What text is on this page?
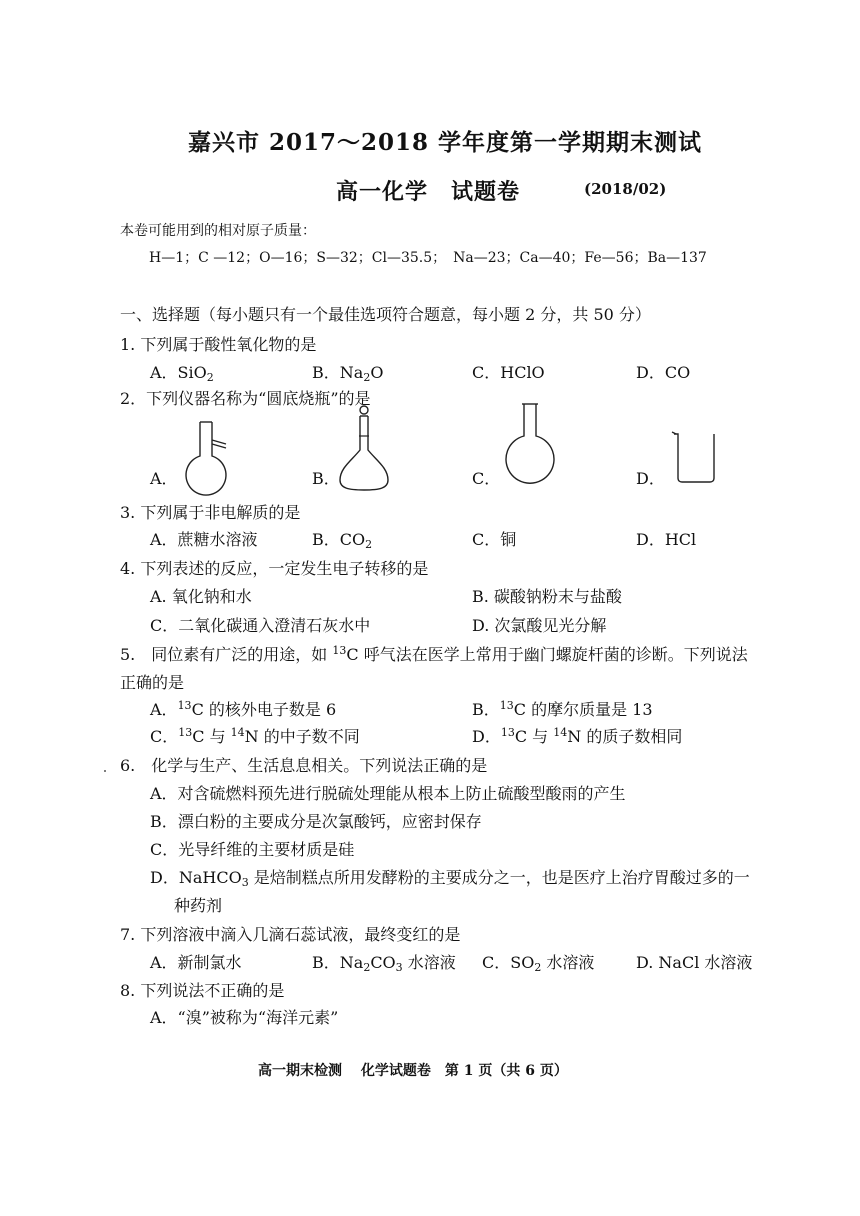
嘉兴市 2017～2018 学年度第一学期期末测试
高一化学　试题卷	(2018/02)
本卷可能用到的相对原子质量：
H—1；C —12；O—16；S—32；Cl—35.5；　Na—23；Ca—40；Fe—56；Ba—137
一、选择题（每小题只有一个最佳选项符合题意，每小题 2 分，共 50 分）
1. 下列属于酸性氧化物的是
A．SiO$_2$	B．$Na_2O$	C．HClO	D．CO
2．下列仪器名称为“圆底烧瓶”的是
A．	B．	C．	D．
3. 下列属于非电解质的是
A．蔗糖水溶液	B．$CO_2$	C．铜	D．HCl
4. 下列表述的反应，一定发生电子转移的是
A. 氧化钠和水	B. 碳酸钠粉末与盐酸
C．二氧化碳通入澄清石灰水中	D. 次氯酸见光分解
5.　同位素有广泛的用途，如 $^{13}$C 呼气法在医学上常用于幽门螺旋杆菌的诊断。下列说法
正确的是
A．$^{13}$C 的核外电子数是 6	B．$^{13}$C 的摩尔质量是 13
C．$^{13}$C 与 $^{14}$N 的中子数不同	D．$^{13}$C 与 $^{14}$N 的质子数相同
6.　化学与生产、生活息息相关。下列说法正确的是
A．对含硫燃料预先进行脱硫处理能从根本上防止硫酸型酸雨的产生
B．漂白粉的主要成分是次氯酸钙，应密封保存
C．光导纤维的主要材质是硅
D．NaHCO$_3$ 是焙制糕点所用发酵粉的主要成分之一，也是医疗上治疗胃酸过多的一
种药剂
7. 下列溶液中滴入几滴石蕊试液，最终变红的是
A．新制氯水	B．$Na_2CO_3$ 水溶液 C．$SO_2$ 水溶液	D. NaCl 水溶液
8. 下列说法不正确的是
A．“溴”被称为“海洋元素”
高一期末检测　 化学试题卷　第 1 页（共 6 页）
